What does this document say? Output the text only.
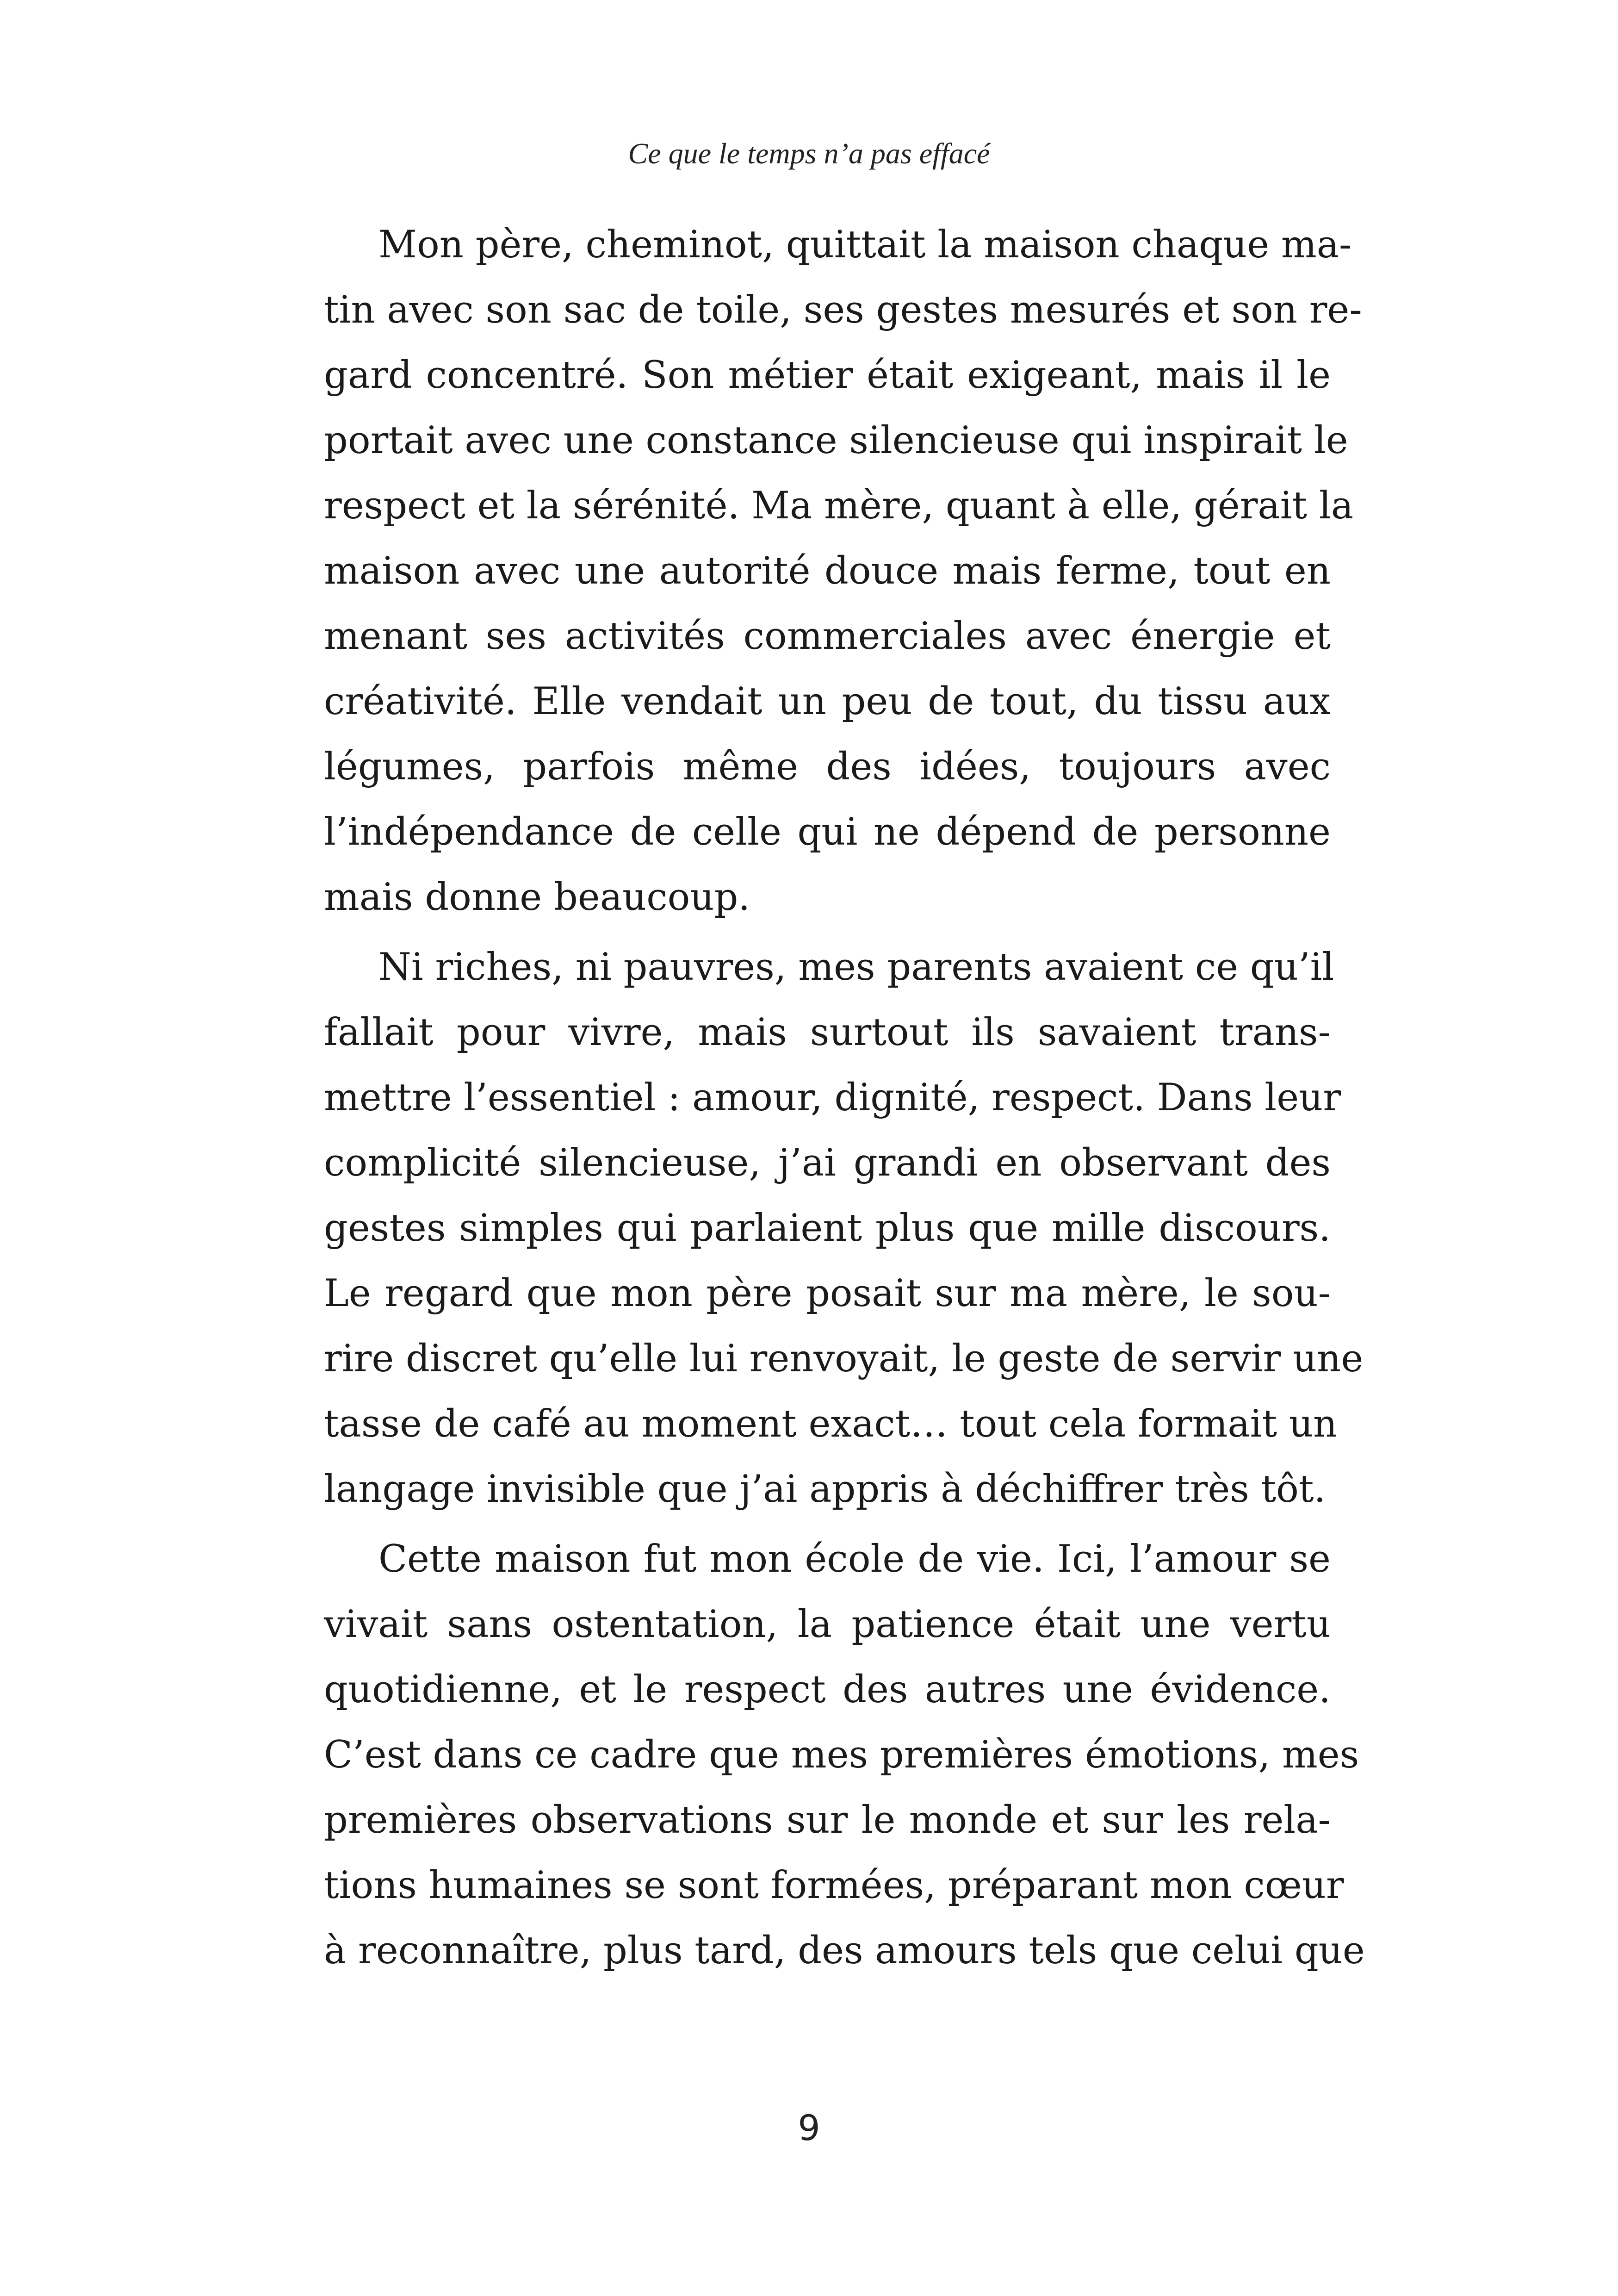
Ce que le temps n’a pas effacé
Mon père, cheminot, quittait la maison chaque ma-
tin avec son sac de toile, ses gestes mesurés et son re-
gard concentré. Son métier était exigeant, mais il le
portait avec une constance silencieuse qui inspirait le
respect et la sérénité. Ma mère, quant à elle, gérait la
maison avec une autorité douce mais ferme, tout en
menant ses activités commerciales avec énergie et
créativité. Elle vendait un peu de tout, du tissu aux
légumes, parfois même des idées, toujours avec
l’indépendance de celle qui ne dépend de personne
mais donne beaucoup.
Ni riches, ni pauvres, mes parents avaient ce qu’il
fallait pour vivre, mais surtout ils savaient trans-
mettre l’essentiel : amour, dignité, respect. Dans leur
complicité silencieuse, j’ai grandi en observant des
gestes simples qui parlaient plus que mille discours.
Le regard que mon père posait sur ma mère, le sou-
rire discret qu’elle lui renvoyait, le geste de servir une
tasse de café au moment exact… tout cela formait un
langage invisible que j’ai appris à déchiffrer très tôt.
Cette maison fut mon école de vie. Ici, l’amour se
vivait sans ostentation, la patience était une vertu
quotidienne, et le respect des autres une évidence.
C’est dans ce cadre que mes premières émotions, mes
premières observations sur le monde et sur les rela-
tions humaines se sont formées, préparant mon cœur
à reconnaître, plus tard, des amours tels que celui que
9
